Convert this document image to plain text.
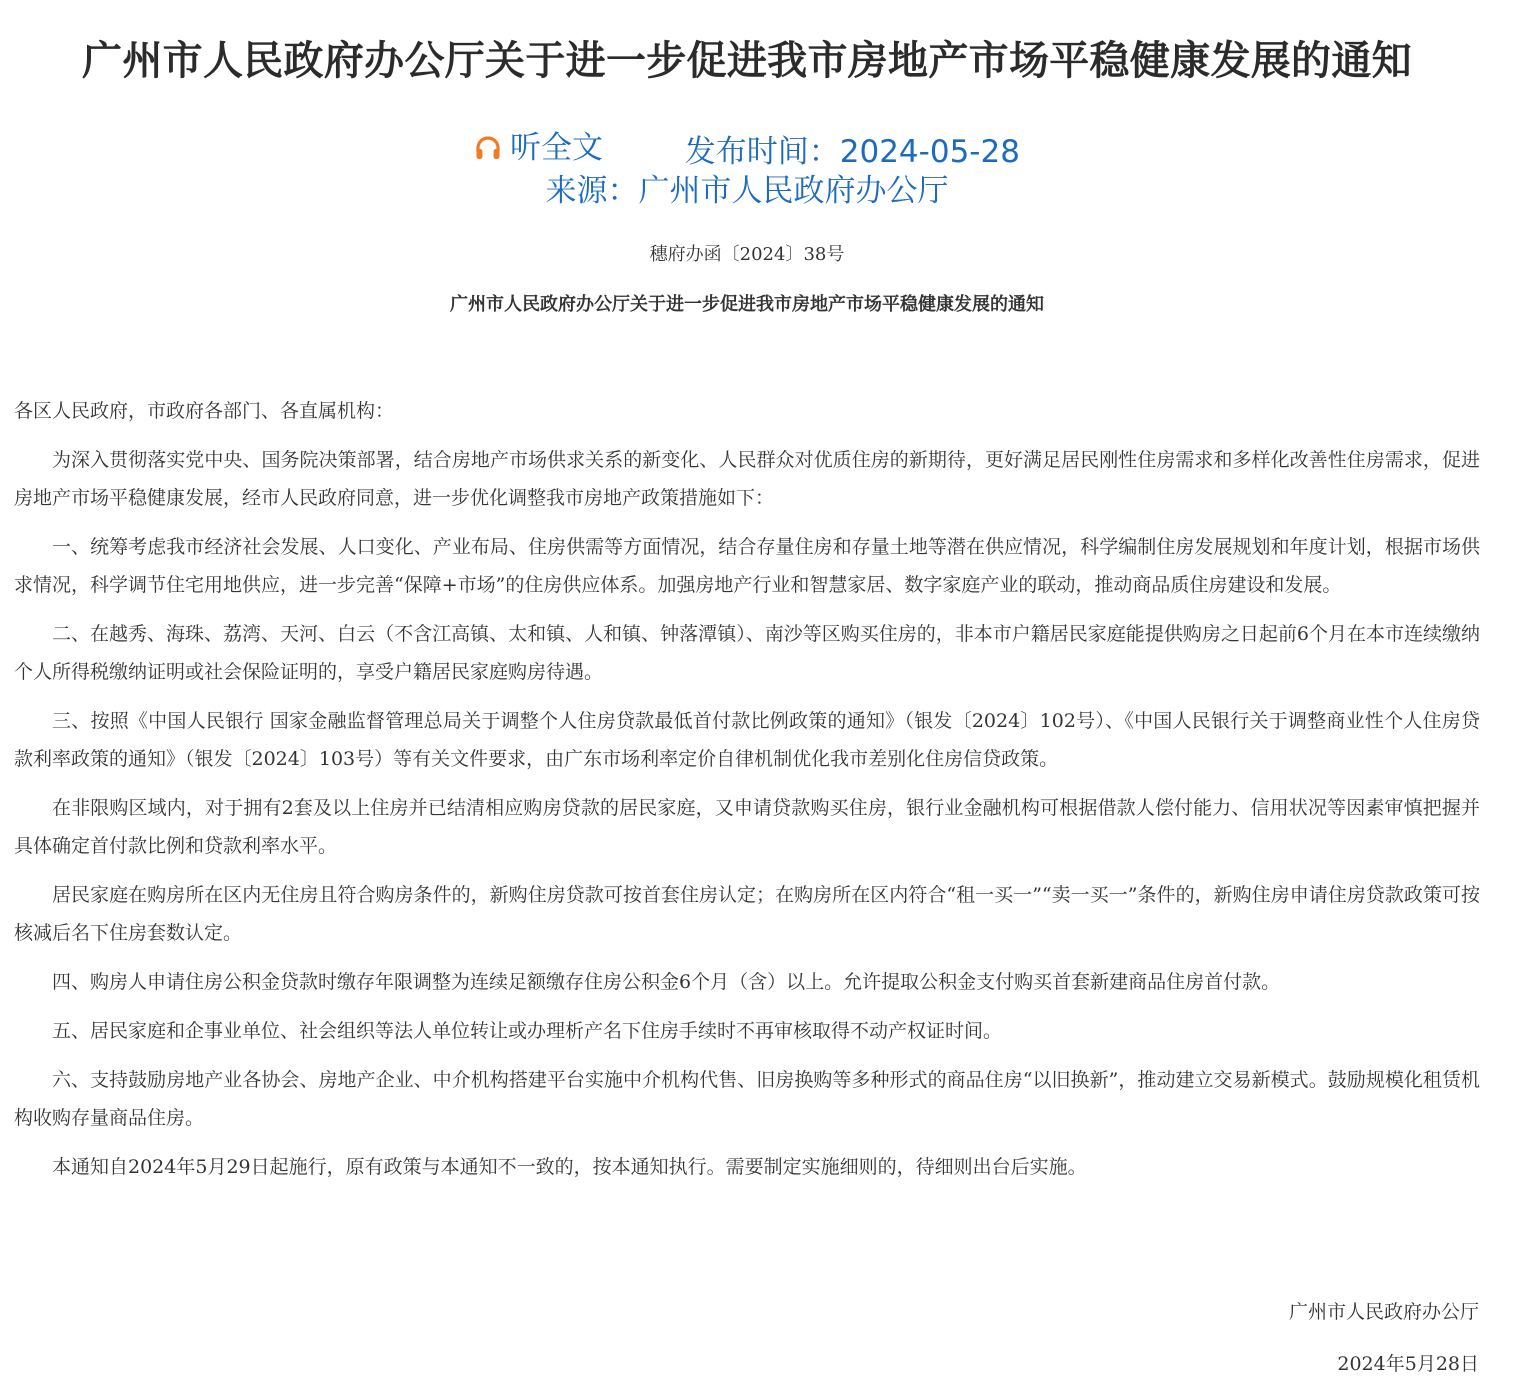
广州市人民政府办公厅关于进一步促进我市房地产市场平稳健康发展的通知
听全文	发布时间：2024-05-28
来源：广州市人民政府办公厅
穗府办函〔2024〕38号
广州市人民政府办公厅关于进一步促进我市房地产市场平稳健康发展的通知

各区人民政府，市政府各部门、各直属机构：

为深入贯彻落实党中央、国务院决策部署，结合房地产市场供求关系的新变化、人民群众对优质住房的新期待，更好满足居民刚性住房需求和多样化改善性住房需求，促进房地产市场平稳健康发展，经市人民政府同意，进一步优化调整我市房地产政策措施如下：

一、统筹考虑我市经济社会发展、人口变化、产业布局、住房供需等方面情况，结合存量住房和存量土地等潜在供应情况，科学编制住房发展规划和年度计划，根据市场供求情况，科学调节住宅用地供应，进一步完善“保障+市场”的住房供应体系。加强房地产行业和智慧家居、数字家庭产业的联动，推动商品质住房建设和发展。

二、在越秀、海珠、荔湾、天河、白云（不含江高镇、太和镇、人和镇、钟落潭镇）、南沙等区购买住房的，非本市户籍居民家庭能提供购房之日起前6个月在本市连续缴纳个人所得税缴纳证明或社会保险证明的，享受户籍居民家庭购房待遇。

三、按照《中国人民银行 国家金融监督管理总局关于调整个人住房贷款最低首付款比例政策的通知》（银发〔2024〕102号）、《中国人民银行关于调整商业性个人住房贷款利率政策的通知》（银发〔2024〕103号）等有关文件要求，由广东市场利率定价自律机制优化我市差别化住房信贷政策。

在非限购区域内，对于拥有2套及以上住房并已结清相应购房贷款的居民家庭，又申请贷款购买住房，银行业金融机构可根据借款人偿付能力、信用状况等因素审慎把握并具体确定首付款比例和贷款利率水平。

居民家庭在购房所在区内无住房且符合购房条件的，新购住房贷款可按首套住房认定；在购房所在区内符合“租一买一”“卖一买一”条件的，新购住房申请住房贷款政策可按核减后名下住房套数认定。

四、购房人申请住房公积金贷款时缴存年限调整为连续足额缴存住房公积金6个月（含）以上。允许提取公积金支付购买首套新建商品住房首付款。

五、居民家庭和企事业单位、社会组织等法人单位转让或办理析产名下住房手续时不再审核取得不动产权证时间。

六、支持鼓励房地产业各协会、房地产企业、中介机构搭建平台实施中介机构代售、旧房换购等多种形式的商品住房“以旧换新”，推动建立交易新模式。鼓励规模化租赁机构收购存量商品住房。

本通知自2024年5月29日起施行，原有政策与本通知不一致的，按本通知执行。需要制定实施细则的，待细则出台后实施。

广州市人民政府办公厅
2024年5月28日
